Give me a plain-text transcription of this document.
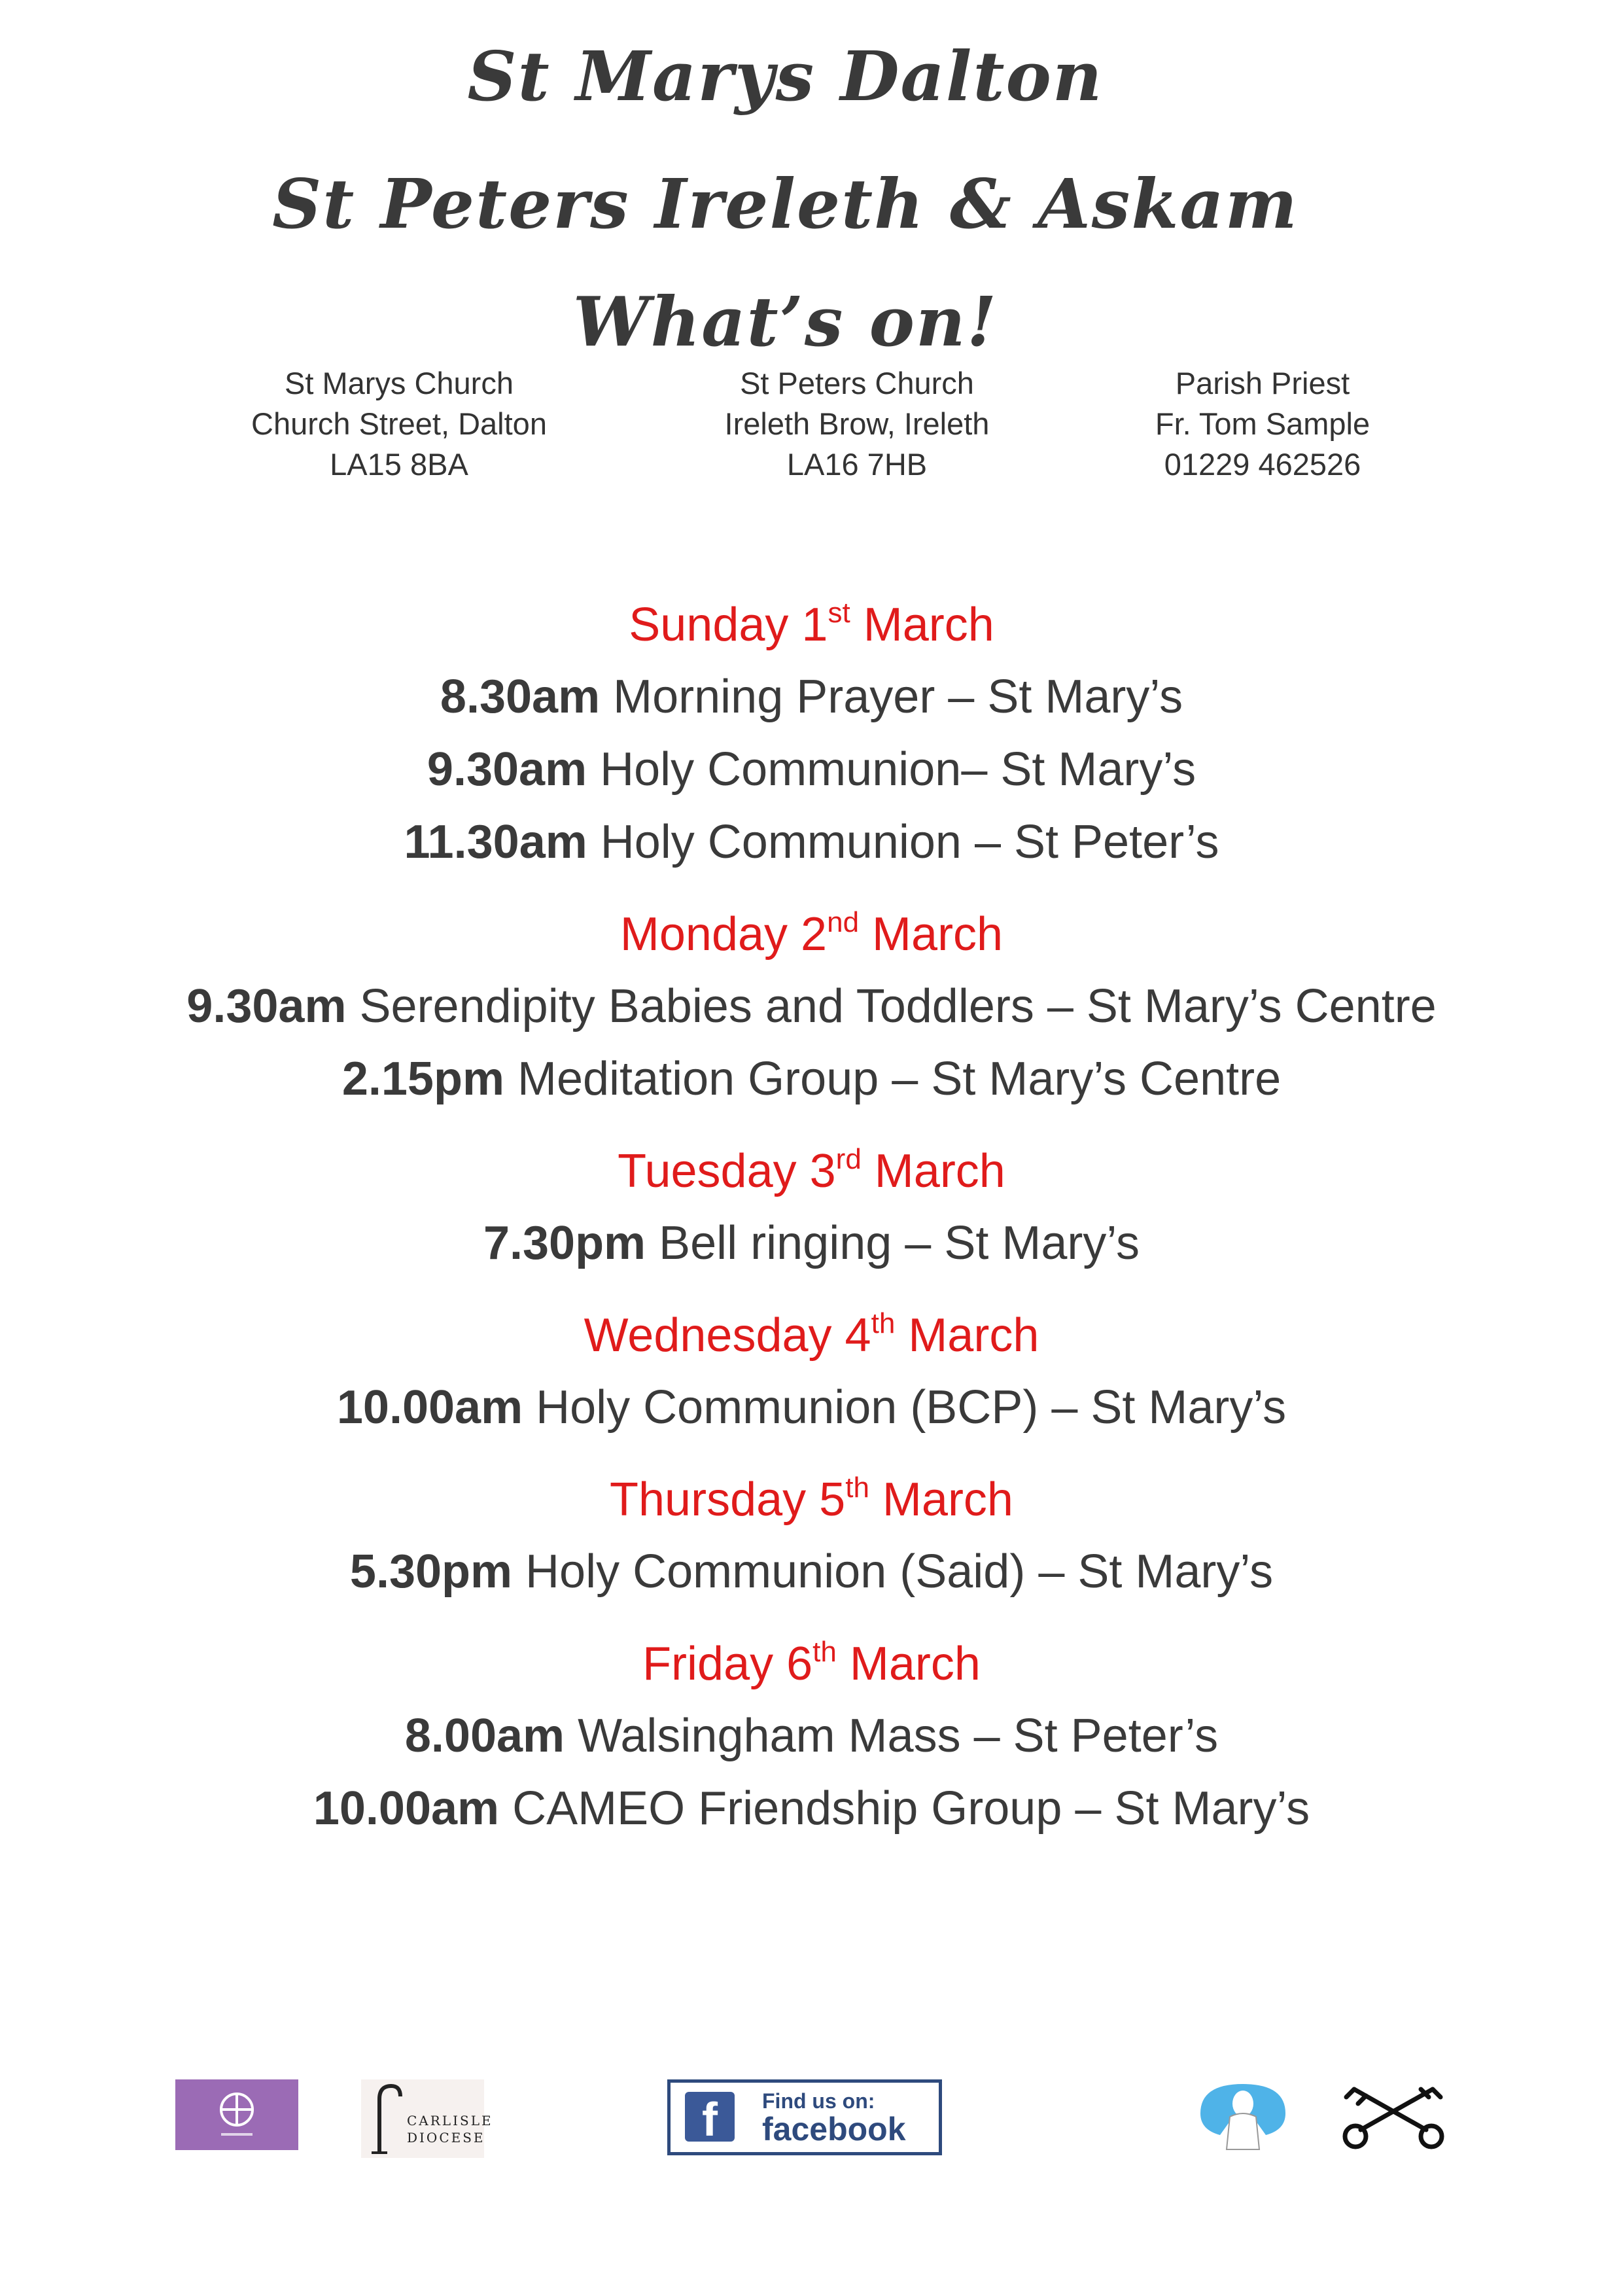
St Marys Dalton
St Peters Ireleth & Askam
What’s on!
St Marys Church
Church Street, Dalton
LA15 8BA
St Peters Church
Ireleth Brow, Ireleth
LA16 7HB
Parish Priest
Fr. Tom Sample
01229 462526
Sunday 1st March
8.30am Morning Prayer – St Mary’s
9.30am Holy Communion– St Mary’s
11.30am Holy Communion – St Peter’s
Monday 2nd March
9.30am Serendipity Babies and Toddlers – St Mary’s Centre
2.15pm Meditation Group – St Mary’s Centre
Tuesday 3rd March
7.30pm Bell ringing – St Mary’s
Wednesday 4th March
10.00am Holy Communion (BCP) – St Mary’s
Thursday 5th March
5.30pm Holy Communion (Said) – St Mary’s
Friday 6th March
8.00am Walsingham Mass – St Peter’s
10.00am CAMEO Friendship Group – St Mary’s
CARLISLE
DIOCESE	f	Find us on:
facebook
